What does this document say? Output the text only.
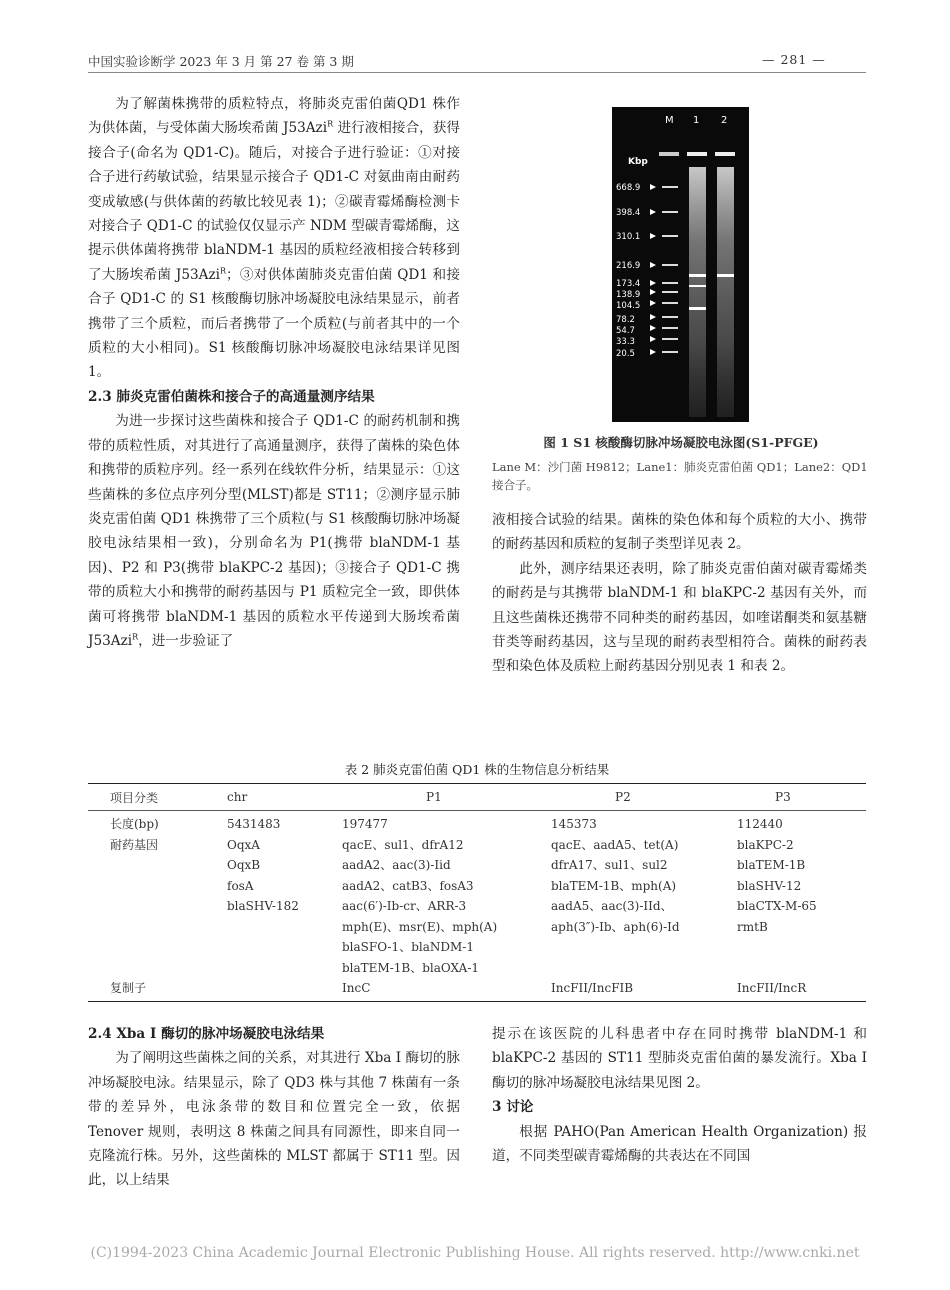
中国实验诊断学 2023 年 3 月 第 27 卷 第 3 期	— 281 —

为了解菌株携带的质粒特点，将肺炎克雷伯菌QD1 株作为供体菌，与受体菌大肠埃希菌 J53Azi$^R$ 进行液相接合，获得接合子(命名为 QD1-C)。随后，对接合子进行验证：①对接合子进行药敏试验，结果显示接合子 QD1-C 对氨曲南由耐药变成敏感(与供体菌的药敏比较见表 1)；②碳青霉烯酶检测卡对接合子 QD1-C 的试验仅仅显示产 NDM 型碳青霉烯酶，这提示供体菌将携带 blaNDM-1 基因的质粒经液相接合转移到了大肠埃希菌 J53Azi$^R$；③对供体菌肺炎克雷伯菌 QD1 和接合子 QD1-C 的 S1 核酸酶切脉冲场凝胶电泳结果显示，前者携带了三个质粒，而后者携带了一个质粒(与前者其中的一个质粒的大小相同)。S1 核酸酶切脉冲场凝胶电泳结果详见图 1。

2.3 肺炎克雷伯菌株和接合子的高通量测序结果

为进一步探讨这些菌株和接合子 QD1-C 的耐药机制和携带的质粒性质，对其进行了高通量测序，获得了菌株的染色体和携带的质粒序列。经一系列在线软件分析，结果显示：①这些菌株的多位点序列分型(MLST)都是 ST11；②测序显示肺炎克雷伯菌 QD1 株携带了三个质粒(与 S1 核酸酶切脉冲场凝胶电泳结果相一致)，分别命名为 P1(携带 blaNDM-1 基因)、P2 和 P3(携带 blaKPC-2 基因)；③接合子 QD1-C 携带的质粒大小和携带的耐药基因与 P1 质粒完全一致，即供体菌可将携带 blaNDM-1 基因的质粒水平传递到大肠埃希菌 J53Azi$^R$，进一步验证了

M 1 2
Kbp
668.9
398.4
310.1
216.9
173.4
138.9
104.5
78.2
54.7
33.3
20.5
图 1 S1 核酸酶切脉冲场凝胶电泳图(S1-PFGE)
Lane M：沙门菌 H9812；Lane1：肺炎克雷伯菌 QD1；Lane2：QD1 接合子。

液相接合试验的结果。菌株的染色体和每个质粒的大小、携带的耐药基因和质粒的复制子类型详见表 2。

此外，测序结果还表明，除了肺炎克雷伯菌对碳青霉烯类的耐药是与其携带 blaNDM-1 和 blaKPC-2 基因有关外，而且这些菌株还携带不同种类的耐药基因，如喹诺酮类和氨基糖苷类等耐药基因，这与呈现的耐药表型相符合。菌株的耐药表型和染色体及质粒上耐药基因分别见表 1 和表 2。

表 2 肺炎克雷伯菌 QD1 株的生物信息分析结果
项目分类	chr	P1	P2	P3
长度(bp)	5431483	197477	145373	112440
耐药基因	OqxA	qacE、sul1、dfrA12	qacE、aadA5、tet(A)	blaKPC-2
	OqxB	aadA2、aac(3)-Iid	dfrA17、sul1、sul2	blaTEM-1B
	fosA	aadA2、catB3、fosA3	blaTEM-1B、mph(A)	blaSHV-12
	blaSHV-182	aac(6′)-Ib-cr、ARR-3	aadA5、aac(3)-IId、	blaCTX-M-65
		mph(E)、msr(E)、mph(A)	aph(3″)-Ib、aph(6)-Id	rmtB
		blaSFO-1、blaNDM-1		
		blaTEM-1B、blaOXA-1		
复制子		IncC	IncFII/IncFIB	IncFII/IncR

2.4 Xba I 酶切的脉冲场凝胶电泳结果

为了阐明这些菌株之间的关系，对其进行 Xba I 酶切的脉冲场凝胶电泳。结果显示，除了 QD3 株与其他 7 株菌有一条带的差异外，电泳条带的数目和位置完全一致，依据 Tenover 规则，表明这 8 株菌之间具有同源性，即来自同一克隆流行株。另外，这些菌株的 MLST 都属于 ST11 型。因此，以上结果

提示在该医院的儿科患者中存在同时携带 blaNDM-1 和 blaKPC-2 基因的 ST11 型肺炎克雷伯菌的暴发流行。Xba I 酶切的脉冲场凝胶电泳结果见图 2。

3 讨论

根据 PAHO(Pan American Health Organization) 报道，不同类型碳青霉烯酶的共表达在不同国

(C)1994-2023 China Academic Journal Electronic Publishing House. All rights reserved. http://www.cnki.net
